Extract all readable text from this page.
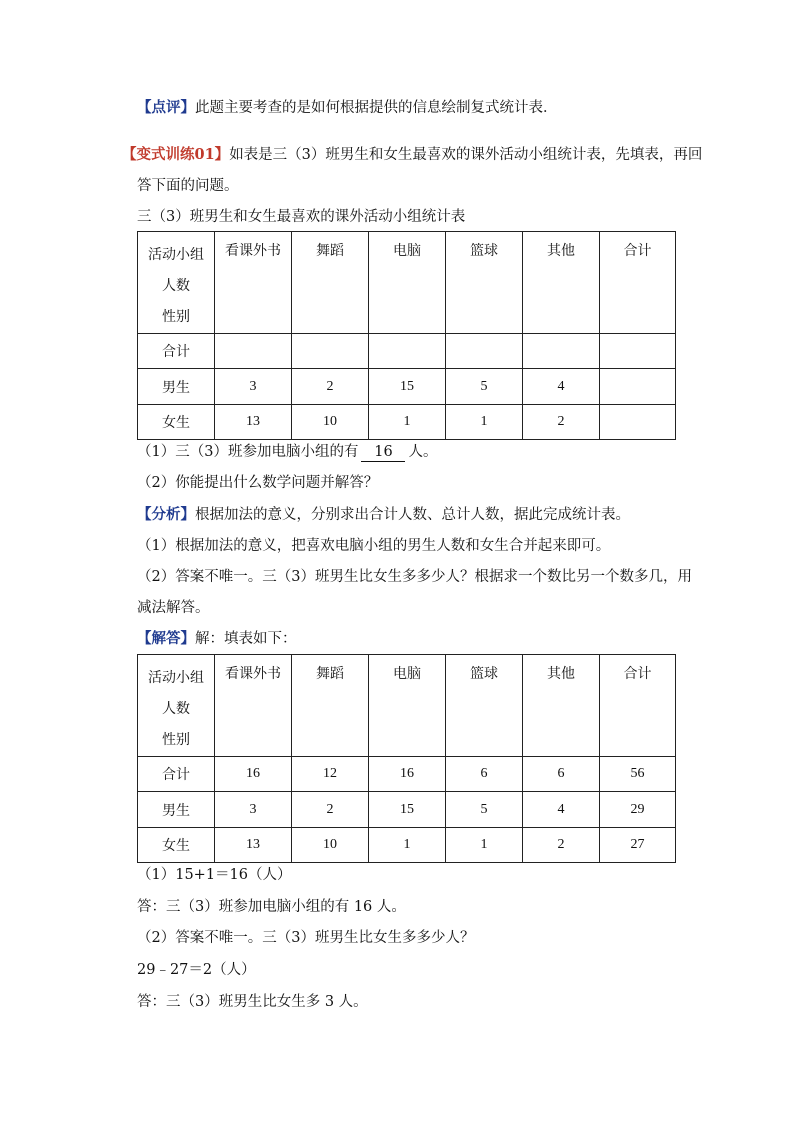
【点评】此题主要考查的是如何根据提供的信息绘制复式统计表．
【变式训练01】如表是三（3）班男生和女生最喜欢的课外活动小组统计表，先填表，再回
答下面的问题。
三（3）班男生和女生最喜欢的课外活动小组统计表
活动小组
人数
性别	看课外书	舞蹈	电脑	篮球	其他	合计
合计						
男生	3	2	15	5	4	
女生	13	10	1	1	2	
（1）三（3）班参加电脑小组的有 16 人。
（2）你能提出什么数学问题并解答？
【分析】根据加法的意义，分别求出合计人数、总计人数，据此完成统计表。
（1）根据加法的意义，把喜欢电脑小组的男生人数和女生合并起来即可。
（2）答案不唯一。三（3）班男生比女生多多少人？根据求一个数比另一个数多几，用
减法解答。
【解答】解：填表如下：
活动小组
人数
性别	看课外书	舞蹈	电脑	篮球	其他	合计
合计	16	12	16	6	6	56
男生	3	2	15	5	4	29
女生	13	10	1	1	2	27
（1）15+1＝16（人）
答：三（3）班参加电脑小组的有 16 人。
（2）答案不唯一。三（3）班男生比女生多多少人？
29﹣27＝2（人）
答：三（3）班男生比女生多 3 人。
